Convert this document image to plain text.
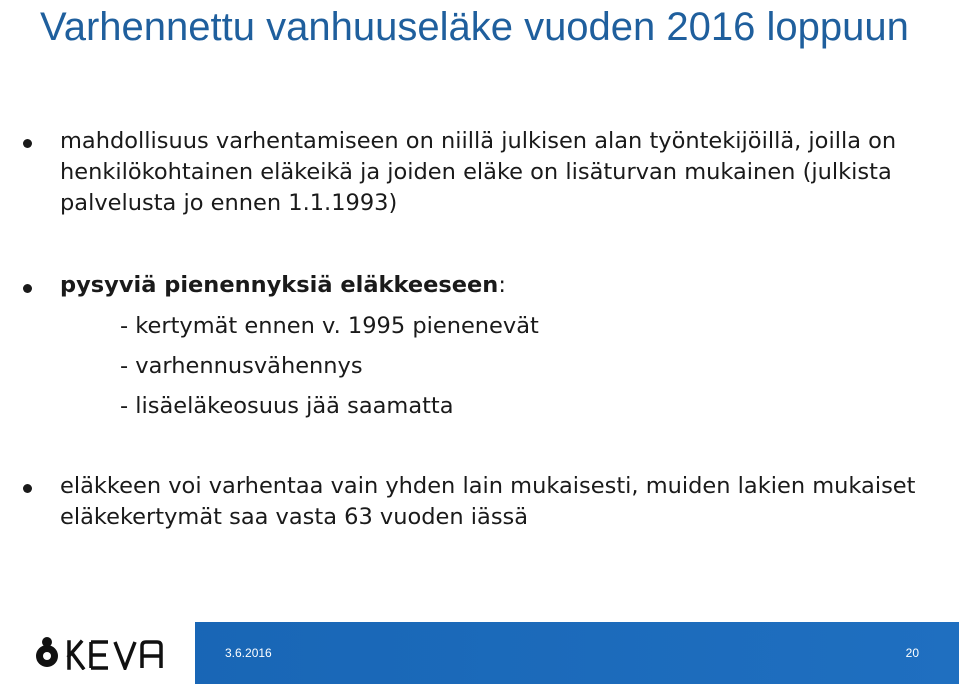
Varhennettu vanhuuseläke vuoden 2016 loppuun
mahdollisuus varhentamiseen on niillä julkisen alan työntekijöillä, joilla on henkilökohtainen eläkeikä ja joiden eläke on lisäturvan mukainen (julkista palvelusta jo ennen 1.1.1993)
pysyviä pienennyksiä eläkkeeseen:
- kertymät ennen v. 1995 pienenevät
- varhennusvähennys
- lisäeläkeosuus jää saamatta
eläkkeen voi varhentaa vain yhden lain mukaisesti, muiden lakien mukaiset eläkekertymät saa vasta 63 vuoden iässä
3.6.2016	20
